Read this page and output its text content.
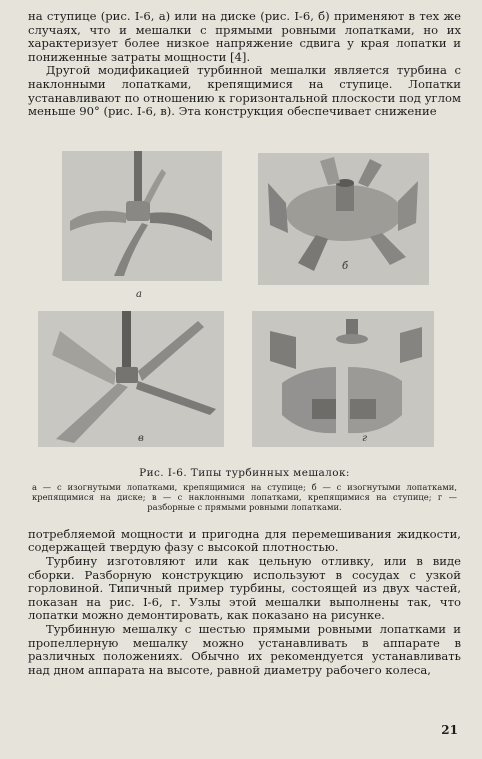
на ступице (рис. I-6, а) или на диске (рис. I-6, б) применяют в тех же случаях, что и мешалки с прямыми ровными лопатками, но их характеризует более низкое напряжение сдвига у края лопатки и пониженные затраты мощности [4].

Другой модификацией турбинной мешалки является турбина с наклонными лопатками, крепящимися на ступице. Лопатки устанавливают по отношению к горизонтальной плоскости под углом меньше 90° (рис. I-6, в). Эта конструкция обеспечивает снижение

а
б
в	г
Рис. I-6. Типы турбинных мешалок:
а — с изогнутыми лопатками, крепящимися на ступице; б — с изогнутыми лопатками, крепящимися на диске; в — с наклонными лопатками, крепящимися на ступице; г — разборные с прямыми ровными лопатками.

потребляемой мощности и пригодна для перемешивания жидкости, содержащей твердую фазу с высокой плотностью.

Турбину изготовляют или как цельную отливку, или в виде сборки. Разборную конструкцию используют в сосудах с узкой горловиной. Типичный пример турбины, состоящей из двух частей, показан на рис. I-6, г. Узлы этой мешалки выполнены так, что лопатки можно демонтировать, как показано на рисунке.

Турбинную мешалку с шестью прямыми ровными лопатками и пропеллерную мешалку можно устанавливать в аппарате в различных положениях. Обычно их рекомендуется устанавливать над дном аппарата на высоте, равной диаметру рабочего колеса,

21
